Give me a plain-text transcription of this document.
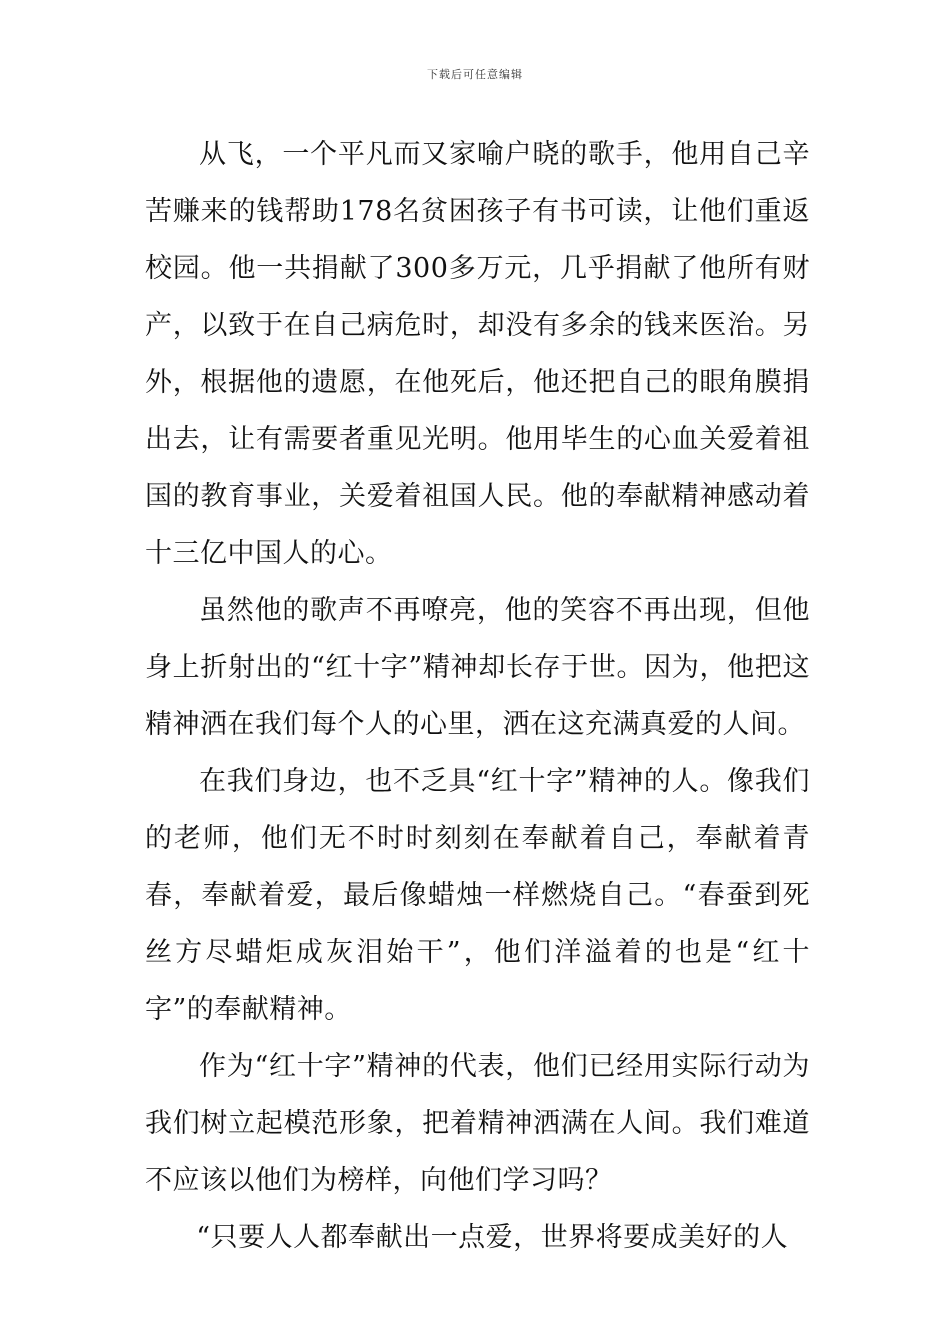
下载后可任意编辑

从飞，一个平凡而又家喻户晓的歌手，他用自己辛苦赚来的钱帮助178名贫困孩子有书可读，让他们重返校园。他一共捐献了300多万元，几乎捐献了他所有财产，以致于在自己病危时，却没有多余的钱来医治。另外，根据他的遗愿，在他死后，他还把自己的眼角膜捐出去，让有需要者重见光明。他用毕生的心血关爱着祖国的教育事业，关爱着祖国人民。他的奉献精神感动着十三亿中国人的心。

虽然他的歌声不再嘹亮，他的笑容不再出现，但他身上折射出的“红十字”精神却长存于世。因为，他把这精神洒在我们每个人的心里，洒在这充满真爱的人间。

在我们身边，也不乏具“红十字”精神的人。像我们的老师，他们无不时时刻刻在奉献着自己，奉献着青春，奉献着爱，最后像蜡烛一样燃烧自己。“春蚕到死丝方尽蜡炬成灰泪始干”，他们洋溢着的也是“红十字”的奉献精神。

作为“红十字”精神的代表，他们已经用实际行动为我们树立起模范形象，把着精神洒满在人间。我们难道不应该以他们为榜样，向他们学习吗？

“只要人人都奉献出一点爱，世界将要成美好的人
